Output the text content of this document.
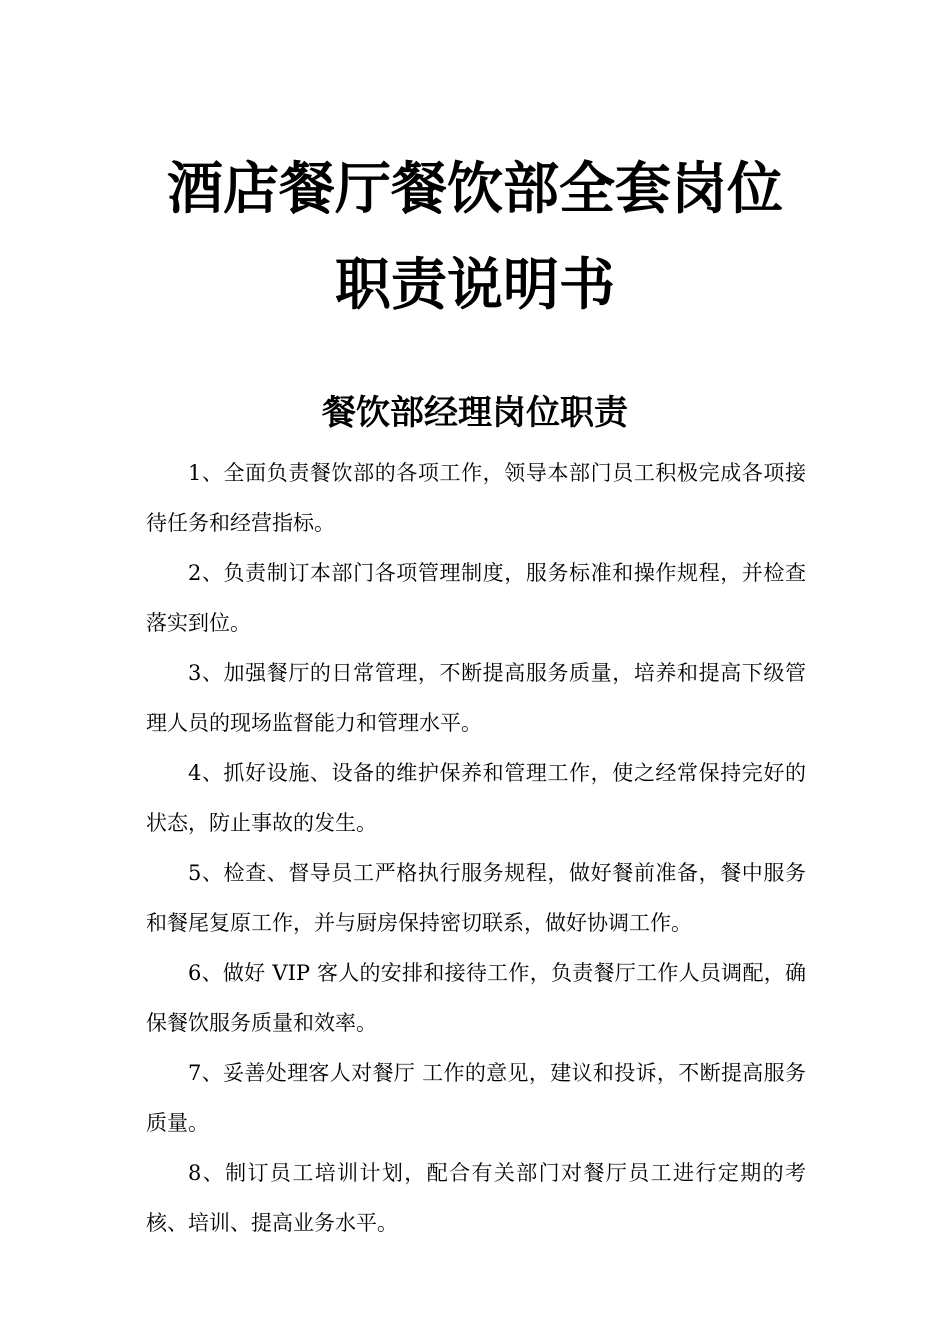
酒店餐厅餐饮部全套岗位
职责说明书
餐饮部经理岗位职责
1、全面负责餐饮部的各项工作，领导本部门员工积极完成各项接待任务和经营指标。
2、负责制订本部门各项管理制度，服务标准和操作规程，并检查落实到位。
3、加强餐厅的日常管理，不断提高服务质量，培养和提高下级管理人员的现场监督能力和管理水平。
4、抓好设施、设备的维护保养和管理工作，使之经常保持完好的状态，防止事故的发生。
5、检查、督导员工严格执行服务规程，做好餐前准备，餐中服务和餐尾复原工作，并与厨房保持密切联系，做好协调工作。
6、做好 VIP 客人的安排和接待工作，负责餐厅工作人员调配，确保餐饮服务质量和效率。
7、妥善处理客人对餐厅 工作的意见，建议和投诉，不断提高服务质量。
8、制订员工培训计划，配合有关部门对餐厅员工进行定期的考核、培训、提高业务水平。
